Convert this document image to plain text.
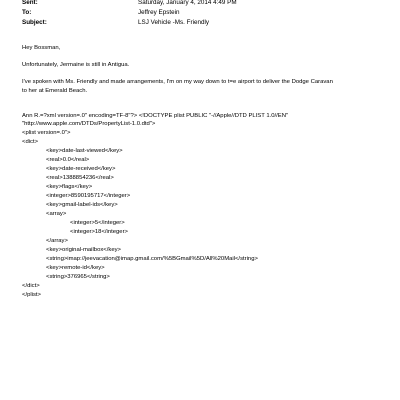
Sent:	Saturday, January 4, 2014 4:49 PM
To:	Jeffrey Epstein
Subject:	LSJ Vehicle -Ms. Friendly
Hey Bossman,
Unfortunately, Jermaine is still in Antigua.
I've spoken with Ms. Friendly and made arrangements, I'm on my way down to t=e airport to deliver the Dodge Caravan
to her at Emerald Beach.
Ann R.=?xml version=.0" encoding=TF-8"?> <!DOCTYPE plist PUBLIC "-//Apple//DTD PLIST 1.0//EN"
"http://www.apple.com/DTDs/PropertyList-1.0.dtd">
<plist version=.0">
<dict>
<key>date-last-viewed</key>
<real>0.0</real>
<key>date-received</key>
<real>1388854236</real>
<key>flags</key>
<integer>8590195717</integer>
<key>gmail-label-ids</key>
<array>
<integer>5</integer>
<integer>18</integer>
</array>
<key>original-mailbox</key>
<string>imap://jeevacation@imap.gmail.com/%5BGmail%5D/All%20Mail</string>
<key>remote-id</key>
<string>376965</string>
</dict>
</plist>
